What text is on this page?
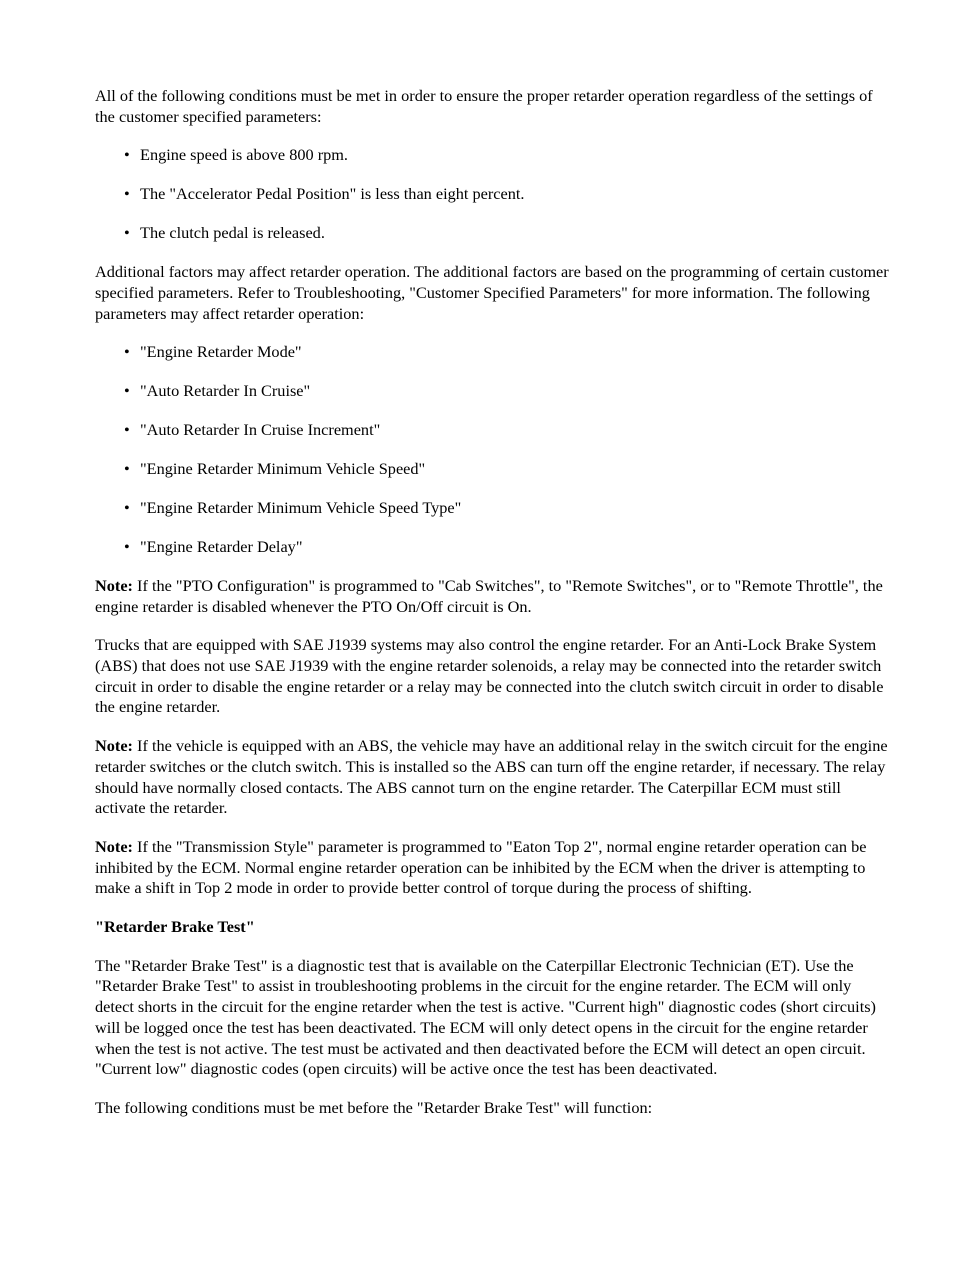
All of the following conditions must be met in order to ensure the proper retarder operation regardless of the settings of the customer specified parameters:

• Engine speed is above 800 rpm.
• The "Accelerator Pedal Position" is less than eight percent.
• The clutch pedal is released.

Additional factors may affect retarder operation. The additional factors are based on the programming of certain customer specified parameters. Refer to Troubleshooting, "Customer Specified Parameters" for more information. The following parameters may affect retarder operation:

• "Engine Retarder Mode"
• "Auto Retarder In Cruise"
• "Auto Retarder In Cruise Increment"
• "Engine Retarder Minimum Vehicle Speed"
• "Engine Retarder Minimum Vehicle Speed Type"
• "Engine Retarder Delay"

Note: If the "PTO Configuration" is programmed to "Cab Switches", to "Remote Switches", or to "Remote Throttle", the engine retarder is disabled whenever the PTO On/Off circuit is On.

Trucks that are equipped with SAE J1939 systems may also control the engine retarder. For an Anti-Lock Brake System (ABS) that does not use SAE J1939 with the engine retarder solenoids, a relay may be connected into the retarder switch circuit in order to disable the engine retarder or a relay may be connected into the clutch switch circuit in order to disable the engine retarder.

Note: If the vehicle is equipped with an ABS, the vehicle may have an additional relay in the switch circuit for the engine retarder switches or the clutch switch. This is installed so the ABS can turn off the engine retarder, if necessary. The relay should have normally closed contacts. The ABS cannot turn on the engine retarder. The Caterpillar ECM must still activate the retarder.

Note: If the "Transmission Style" parameter is programmed to "Eaton Top 2", normal engine retarder operation can be inhibited by the ECM. Normal engine retarder operation can be inhibited by the ECM when the driver is attempting to make a shift in Top 2 mode in order to provide better control of torque during the process of shifting.

"Retarder Brake Test"

The "Retarder Brake Test" is a diagnostic test that is available on the Caterpillar Electronic Technician (ET). Use the "Retarder Brake Test" to assist in troubleshooting problems in the circuit for the engine retarder. The ECM will only detect shorts in the circuit for the engine retarder when the test is active. "Current high" diagnostic codes (short circuits) will be logged once the test has been deactivated. The ECM will only detect opens in the circuit for the engine retarder when the test is not active. The test must be activated and then deactivated before the ECM will detect an open circuit. "Current low" diagnostic codes (open circuits) will be active once the test has been deactivated.

The following conditions must be met before the "Retarder Brake Test" will function:
